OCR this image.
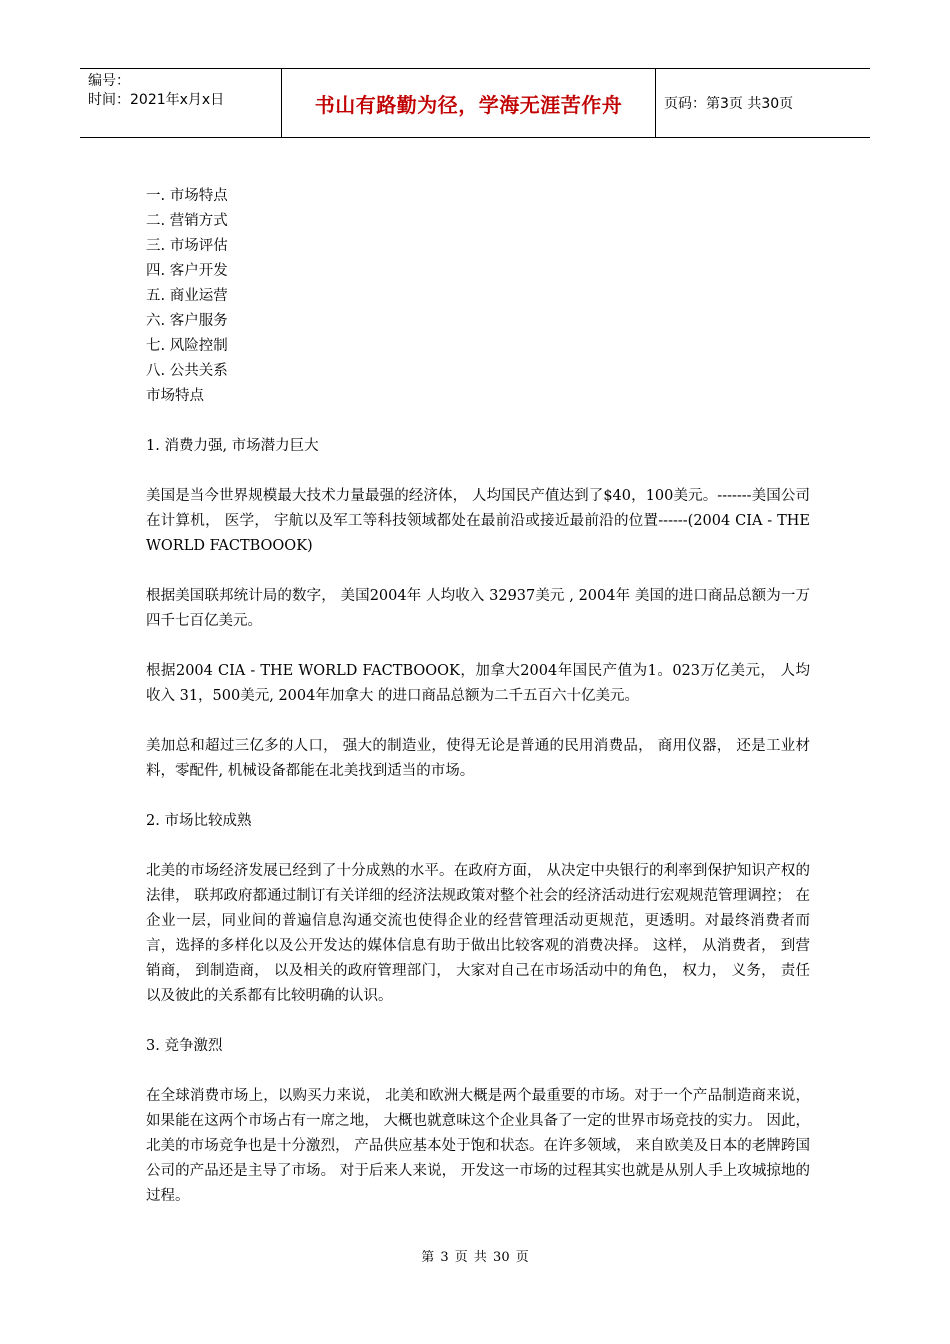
编号：
时间：2021年x月x日	书山有路勤为径，学海无涯苦作舟	页码：第3页 共30页
一. 市场特点
二. 营销方式
三. 市场评估
四. 客户开发
五. 商业运营
六. 客户服务
七. 风险控制
八. 公共关系
市场特点
1. 消费力强, 市场潜力巨大
美国是当今世界规模最大技术力量最强的经济体， 人均国民产值达到了$40，100美元。-------美国公司在计算机， 医学， 宇航以及军工等科技领域都处在最前沿或接近最前沿的位置------(2004 CIA - THE WORLD FACTBOOOK)
根据美国联邦统计局的数字， 美国2004年 人均收入 32937美元 , 2004年 美国的进口商品总额为一万四千七百亿美元。
根据2004 CIA - THE WORLD FACTBOOOK，加拿大2004年国民产值为1。023万亿美元， 人均收入 31，500美元, 2004年加拿大 的进口商品总额为二千五百六十亿美元。
美加总和超过三亿多的人口， 强大的制造业，使得无论是普通的民用消费品， 商用仪器， 还是工业材料，零配件, 机械设备都能在北美找到适当的市场。
2. 市场比较成熟
北美的市场经济发展已经到了十分成熟的水平。在政府方面， 从决定中央银行的利率到保护知识产权的法律， 联邦政府都通过制订有关详细的经济法规政策对整个社会的经济活动进行宏观规范管理调控； 在企业一层，同业间的普遍信息沟通交流也使得企业的经营管理活动更规范，更透明。对最终消费者而言，选择的多样化以及公开发达的媒体信息有助于做出比较客观的消费决择。 这样， 从消费者， 到营销商， 到制造商， 以及相关的政府管理部门， 大家对自己在市场活动中的角色， 权力， 义务， 责任以及彼此的关系都有比较明确的认识。
3. 竞争激烈
在全球消费市场上，以购买力来说， 北美和欧洲大概是两个最重要的市场。对于一个产品制造商来说， 如果能在这两个市场占有一席之地， 大概也就意味这个企业具备了一定的世界市场竞技的实力。 因此， 北美的市场竞争也是十分激烈， 产品供应基本处于饱和状态。在许多领域， 来自欧美及日本的老牌跨国公司的产品还是主导了市场。 对于后来人来说， 开发这一市场的过程其实也就是从别人手上攻城掠地的过程。
第 3 页 共 30 页
